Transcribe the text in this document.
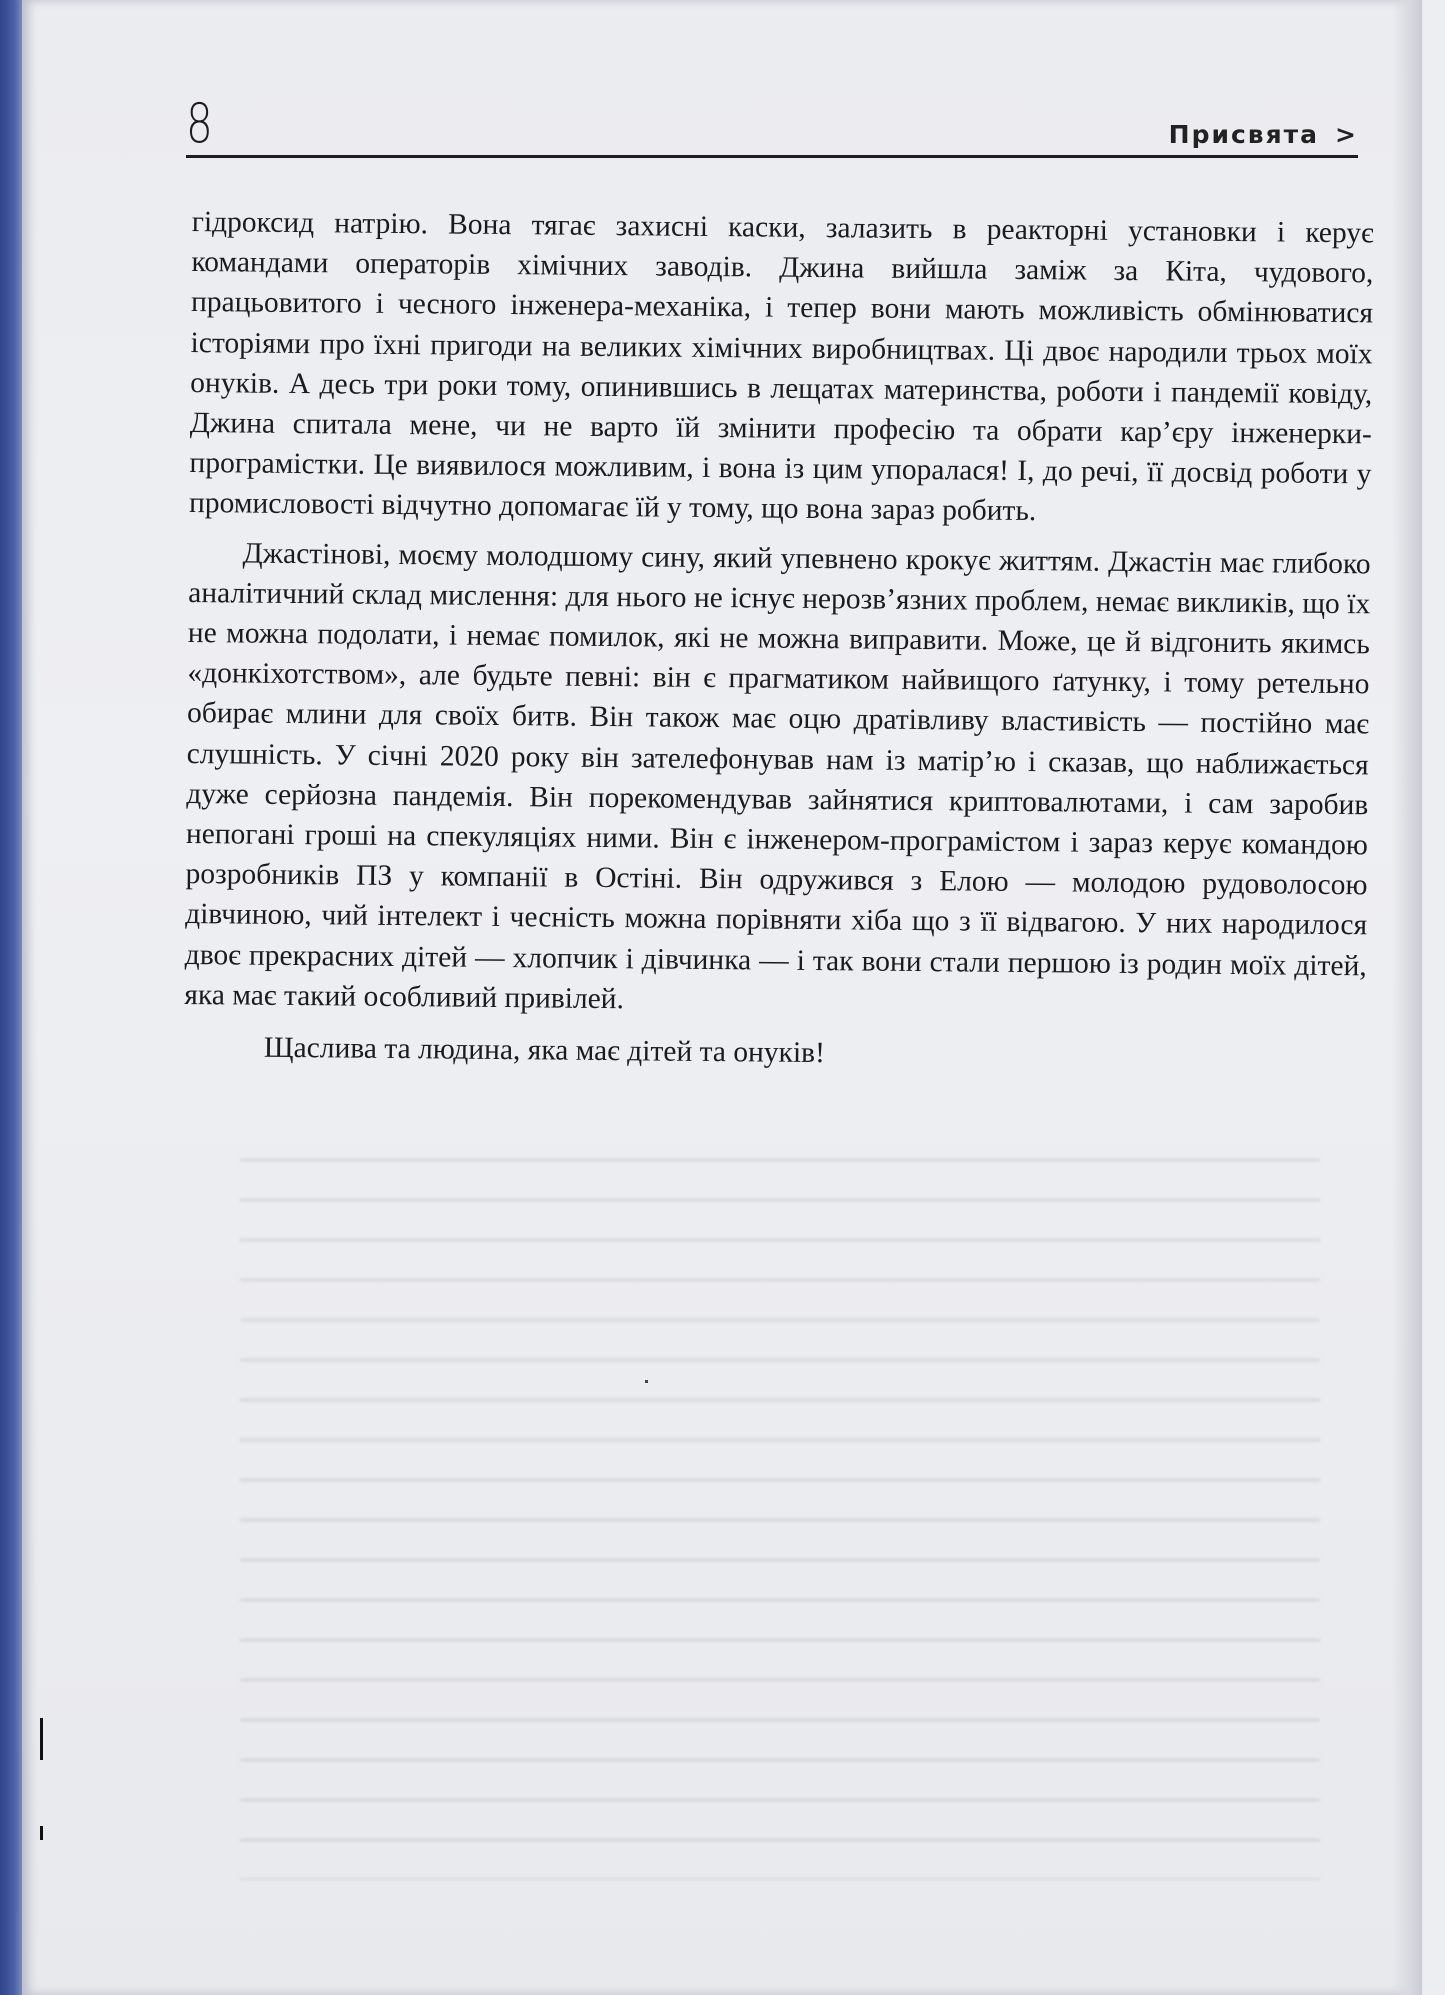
8	Присвята >

гідроксид натрію. Вона тягає захисні каски, залазить в реакторні установки і керує командами операторів хімічних заводів. Джина вийшла заміж за Кіта, чудового, працьовитого і чесного інженера-механіка, і тепер вони мають можливість обмінюватися історіями про їхні пригоди на великих хімічних виробництвах. Ці двоє народили трьох моїх онуків. А десь три роки тому, опинившись в лещатах материнства, роботи і пандемії ковіду, Джина спитала мене, чи не варто їй змінити професію та обрати кар’єру інженерки-програмістки. Це виявилося можливим, і вона із цим упоралася! І, до речі, її досвід роботи у промисловості відчутно допомагає їй у тому, що вона зараз робить.

Джастінові, моєму молодшому сину, який упевнено крокує життям. Джастін має глибоко аналітичний склад мислення: для нього не існує нерозв’язних проблем, немає викликів, що їх не можна подолати, і немає помилок, які не можна виправити. Може, це й відгонить якимсь «донкіхотством», але будьте певні: він є прагматиком найвищого ґатунку, і тому ретельно обирає млини для своїх битв. Він також має оцю дратівливу властивість — постійно має слушність. У січні 2020 року він зателефонував нам із матір’ю і сказав, що наближається дуже серйозна пандемія. Він порекомендував зайнятися криптовалютами, і сам заробив непогані гроші на спекуляціях ними. Він є інженером-програмістом і зараз керує командою розробників ПЗ у компанії в Остіні. Він одружився з Елою — молодою рудоволосою дівчиною, чий інтелект і чесність можна порівняти хіба що з її відвагою. У них народилося двоє прекрасних дітей — хлопчик і дівчинка — і так вони стали першою із родин моїх дітей, яка має такий особливий привілей.

Щаслива та людина, яка має дітей та онуків!
